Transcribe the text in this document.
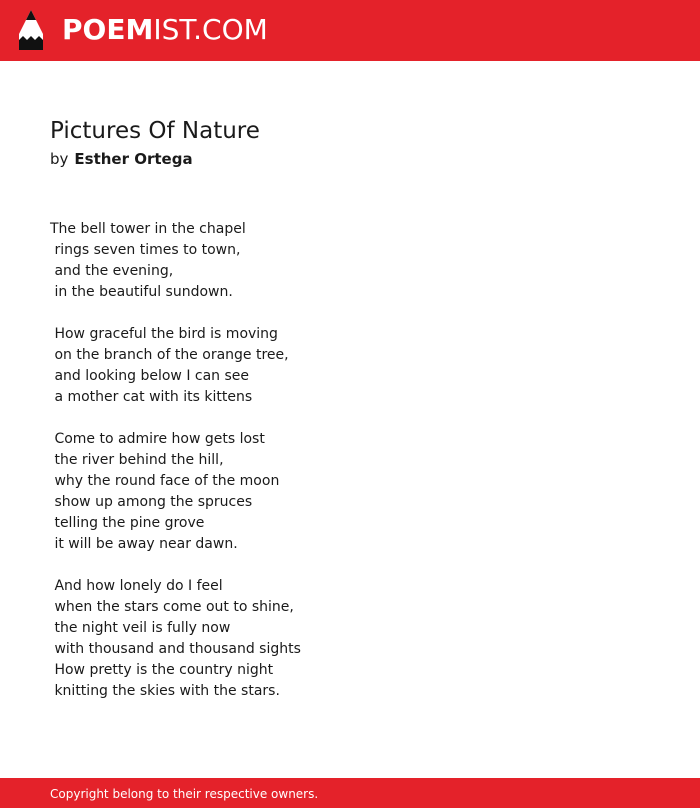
POEMIST.COM
Pictures Of Nature
by Esther Ortega
The bell tower in the chapel
rings seven times to town,
and the evening,
in the beautiful sundown.
How graceful the bird is moving
on the branch of the orange tree,
and looking below I can see
a mother cat with its kittens
Come to admire how gets lost
the river behind the hill,
why the round face of the moon
show up among the spruces
telling the pine grove
it will be away near dawn.
And how lonely do I feel
when the stars come out to shine,
the night veil is fully now
with thousand and thousand sights
How pretty is the country night
knitting the skies with the stars.
Copyright belong to their respective owners.
